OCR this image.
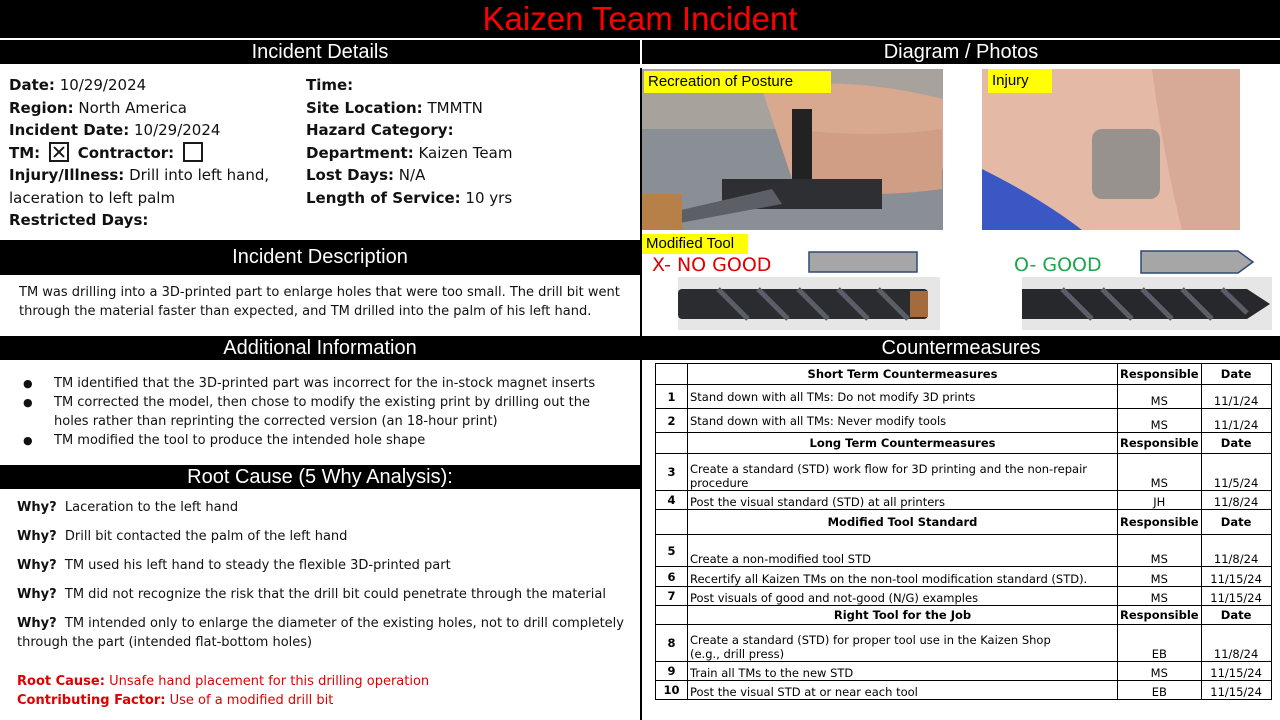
Kaizen Team Incident
Incident Details	Diagram / Photos
Date: 10/29/2024
Region: North America
Incident Date: 10/29/2024
TM:	Contractor:
Injury/Illness: Drill into left hand,
laceration to left palm
Restricted Days:
Time:
Site Location: TMMTN
Hazard Category:
Department: Kaizen Team
Lost Days: N/A
Length of Service: 10 yrs
Incident Description
TM was drilling into a 3D-printed part to enlarge holes that were too small. The drill bit went
through the material faster than expected, and TM drilled into the palm of his left hand.
Additional Information
● TM identified that the 3D-printed part was incorrect for the in-stock magnet inserts
● TM corrected the model, then chose to modify the existing print by drilling out the
holes rather than reprinting the corrected version (an 18-hour print)
● TM modified the tool to produce the intended hole shape
Root Cause (5 Why Analysis):
Why? Laceration to the left hand
Why? Drill bit contacted the palm of the left hand
Why? TM used his left hand to steady the flexible 3D-printed part
Why? TM did not recognize the risk that the drill bit could penetrate through the material
Why? TM intended only to enlarge the diameter of the existing holes, not to drill completely
through the part (intended flat-bottom holes)
Root Cause: Unsafe hand placement for this drilling operation
Contributing Factor: Use of a modified drill bit
Recreation of Posture	Injury
Modified Tool
X- NO GOOD	O- GOOD
Countermeasures
	Short Term Countermeasures	Responsible	Date
1	Stand down with all TMs: Do not modify 3D prints	MS	11/1/24
2	Stand down with all TMs: Never modify tools	MS	11/1/24
	Long Term Countermeasures	Responsible	Date
3	Create a standard (STD) work flow for 3D printing and the non-repair
procedure	MS	11/5/24
4	Post the visual standard (STD) at all printers	JH	11/8/24
	Modified Tool Standard	Responsible	Date
5	Create a non-modified tool STD	MS	11/8/24
6	Recertify all Kaizen TMs on the non-tool modification standard (STD).	MS	11/15/24
7	Post visuals of good and not-good (N/G) examples	MS	11/15/24
	Right Tool for the Job	Responsible	Date
8	Create a standard (STD) for proper tool use in the Kaizen Shop
(e.g., drill press)	EB	11/8/24
9	Train all TMs to the new STD	MS	11/15/24
10	Post the visual STD at or near each tool	EB	11/15/24
